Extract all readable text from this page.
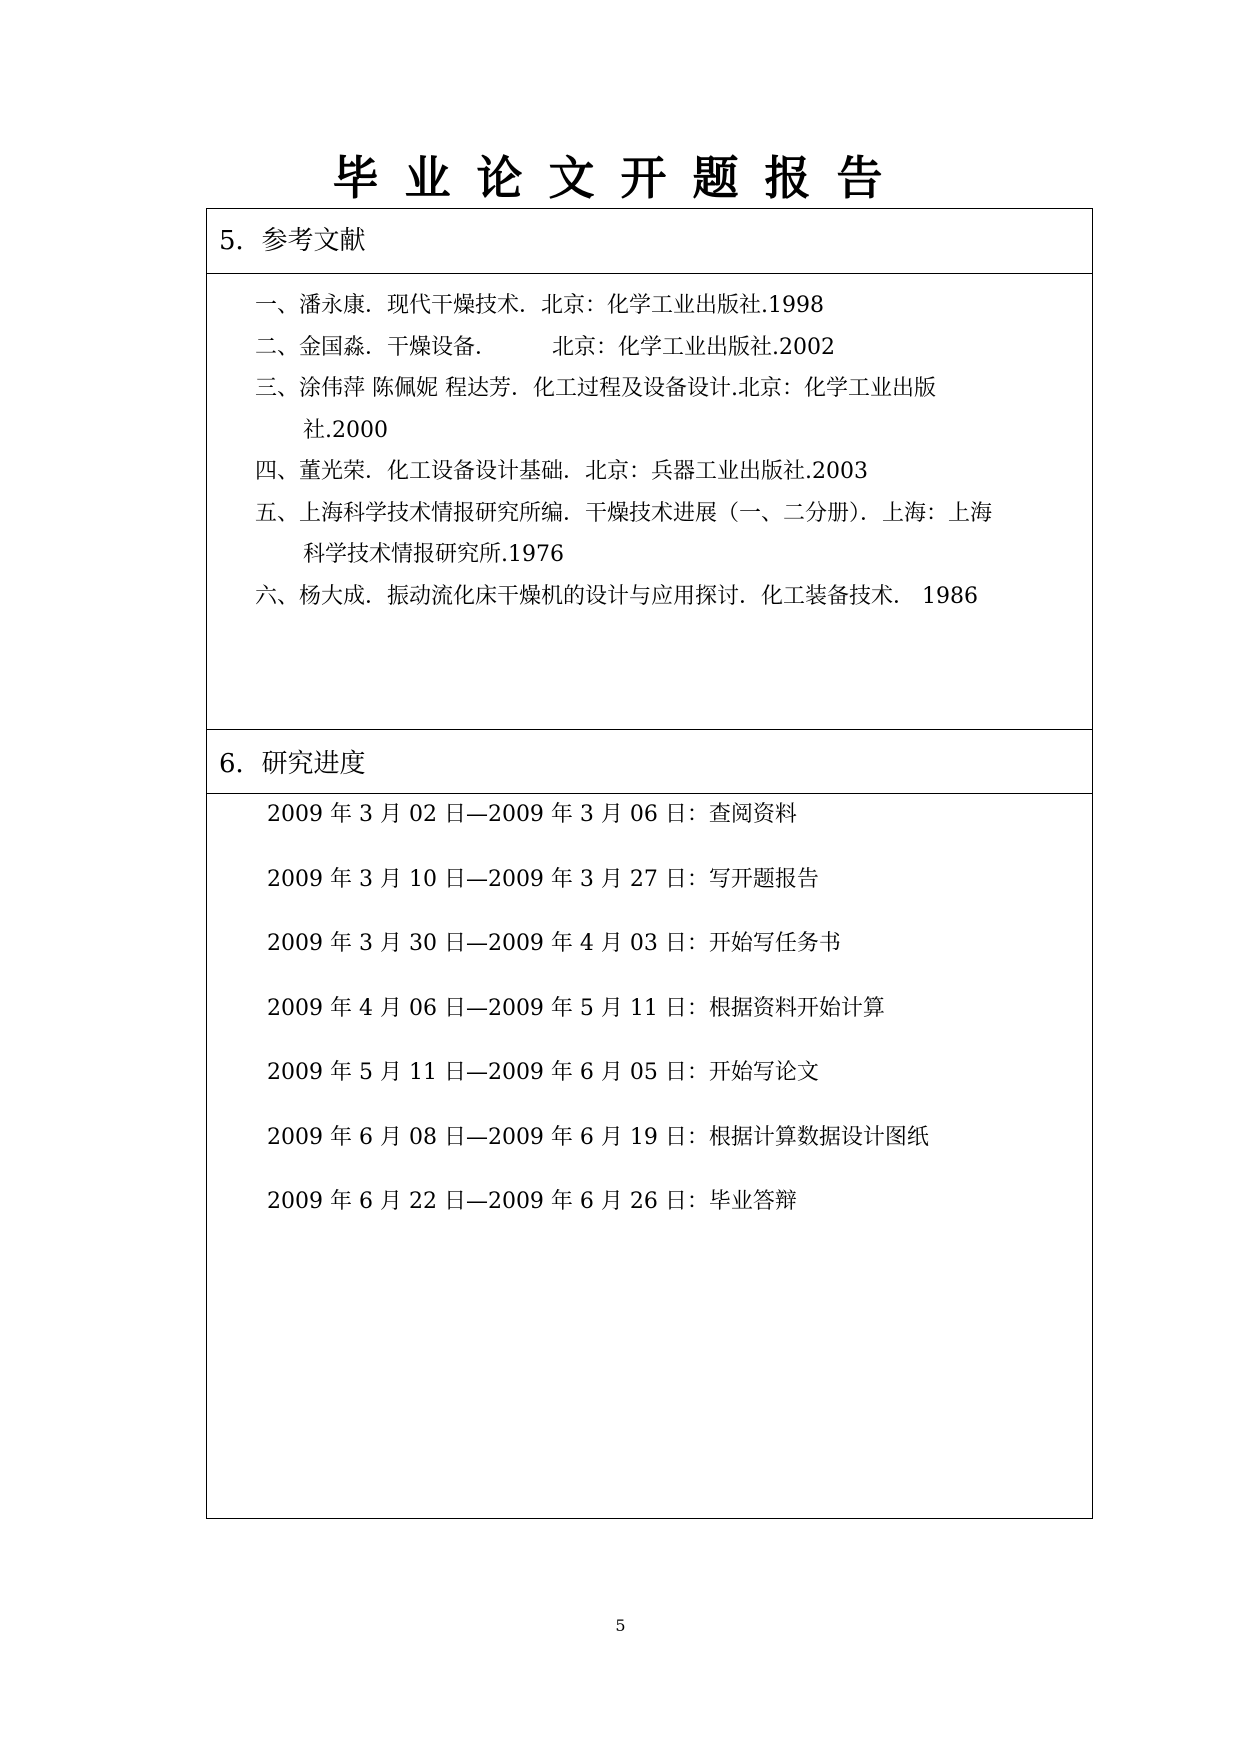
毕业论文开题报告
5．参考文献
一、潘永康．现代干燥技术．北京：化学工业出版社.1998
二、金国淼．干燥设备．　　　北京：化学工业出版社.2002
三、涂伟萍 陈佩妮 程达芳．化工过程及设备设计.北京：化学工业出版
社.2000
四、董光荣．化工设备设计基础．北京：兵器工业出版社.2003
五、上海科学技术情报研究所编．干燥技术进展（一、二分册）．上海：上海
科学技术情报研究所.1976
六、杨大成．振动流化床干燥机的设计与应用探讨．化工装备技术． 1986
6．研究进度
2009 年 3 月 02 日—2009 年 3 月 06 日：查阅资料
2009 年 3 月 10 日—2009 年 3 月 27 日：写开题报告
2009 年 3 月 30 日—2009 年 4 月 03 日：开始写任务书
2009 年 4 月 06 日—2009 年 5 月 11 日：根据资料开始计算
2009 年 5 月 11 日—2009 年 6 月 05 日：开始写论文
2009 年 6 月 08 日—2009 年 6 月 19 日：根据计算数据设计图纸
2009 年 6 月 22 日—2009 年 6 月 26 日：毕业答辩
5
